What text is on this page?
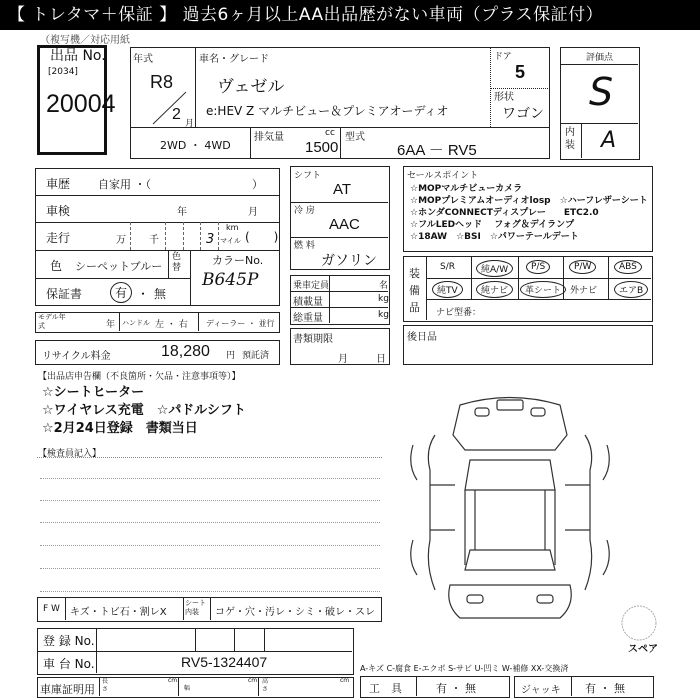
【 トレタマ＋保証 】 過去6ヶ月以上AA出品歴がない車両（プラス保証付）
（複写機／対応用紙
出品 No.
[2034]
20004
年式
R8
2
月
車名・グレード
ヴェゼル
e:HEV Z マルチビュー＆プレミアオーディオ
ドア
5
形状
ワゴン
2WD ・ 4WD
排気量	cc
1500
型式
6AA － RV5
評価点
S
内装 A
車歴	自家用 ・（	）
車検	年	月
走行	万 千	3
km
マイル (　　)
色 シーペットブルー
色替
カラーNo.
B645P
保証書	有 ・ 無
モデル年式	年 ハンドル 左 ・ 右 ディーラー ・ 並行
リサイクル料金	18,280 円 預託済
シフト
AT
冷 房
AAC
燃 料
ガソリン
乗車定員	名
積載量	kg
総重量	kg
書類期限
月	日
セールスポイント
☆MOPマルチビューカメラ
☆MOPプレミアムオーディオlosp　☆ハーフレザーシート
☆ホンダCONNECTディスプレー　　ETC2.0
☆フルLEDヘッド　 フォグ＆デイランプ
☆18AW　☆BSI　☆パワーテールデート
装備品
S/R	純A/W	P/S	P/W	ABS
純TV	純ナビ	革シート 外ナビ	エアB
ナビ型番：
後日品
【出品店申告欄（不良箇所・欠品・注意事項等）】
☆シートヒーター
☆ワイヤレス充電　☆パドルシフト
☆2月24日登録　書類当日
【検査員記入】
スペア
F W キズ・トビ石・割レX
シート内装	コゲ・穴・汚レ・シミ・破レ・スレ
登 録 No.
車 台 No.	RV5-1324407
車庫証明用
長さ
cm
幅
cm 高さ
cm
A-キズ C-腐食 E-エクボ S-サビ U-凹ミ W-補修 XX-交換済
工　具	有 ・ 無	ジャッキ 有 ・ 無
